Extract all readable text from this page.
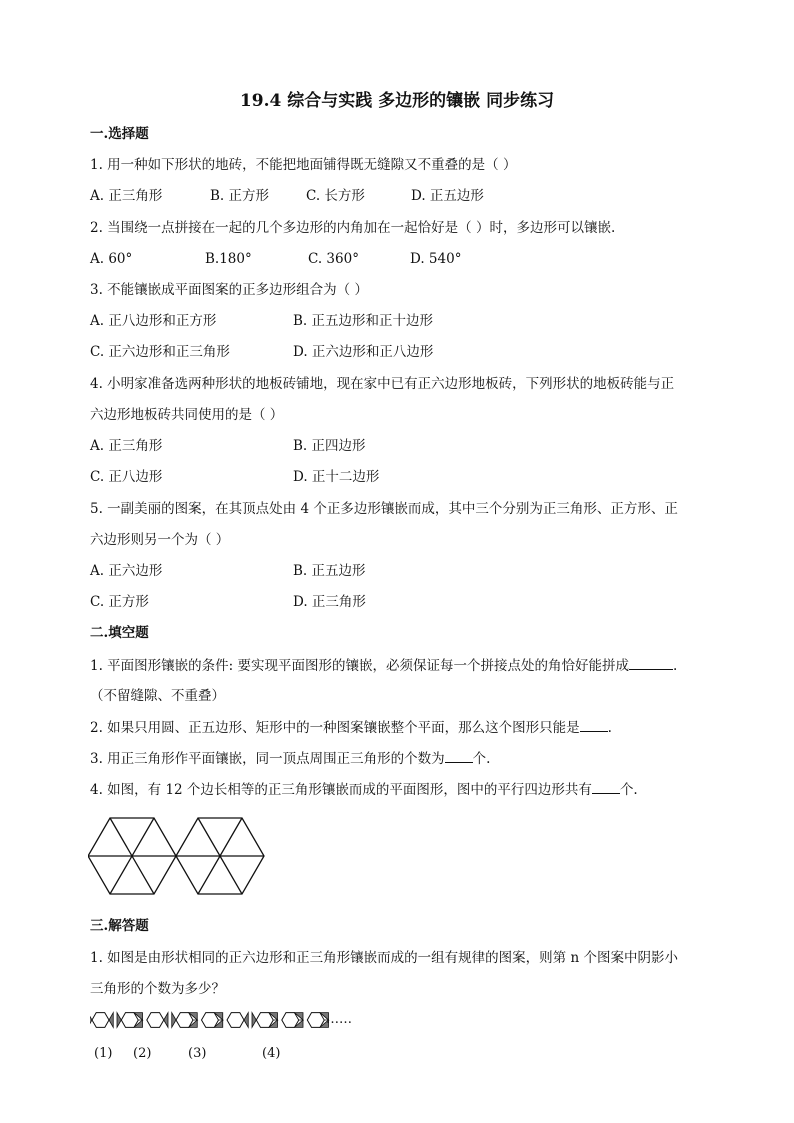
19.4 综合与实践 多边形的镶嵌 同步练习
一.选择题
1. 用一种如下形状的地砖，不能把地面铺得既无缝隙又不重叠的是（ ）
A. 正三角形	B. 正方形	C. 长方形	D. 正五边形
2. 当围绕一点拼接在一起的几个多边形的内角加在一起恰好是（ ）时，多边形可以镶嵌.
A. 60°	B.180°	C. 360°	D. 540°
3. 不能镶嵌成平面图案的正多边形组合为（ ）
A. 正八边形和正方形	B. 正五边形和正十边形
C. 正六边形和正三角形	D. 正六边形和正八边形
4. 小明家准备选两种形状的地板砖铺地，现在家中已有正六边形地板砖，下列形状的地板砖能与正
六边形地板砖共同使用的是（ ）
A. 正三角形	B. 正四边形
C. 正八边形	D. 正十二边形
5. 一副美丽的图案，在其顶点处由 4 个正多边形镶嵌而成，其中三个分别为正三角形、正方形、正
六边形则另一个为（ ）
A. 正六边形	B. 正五边形
C. 正方形	D. 正三角形
二.填空题
1. 平面图形镶嵌的条件: 要实现平面图形的镶嵌，必须保证每一个拼接点处的角恰好能拼成	.
（不留缝隙、不重叠）
2. 如果只用圆、正五边形、矩形中的一种图案镶嵌整个平面，那么这个图形只能是 .
3. 用正三角形作平面镶嵌，同一顶点周围正三角形的个数为 个.
4. 如图，有 12 个边长相等的正三角形镶嵌而成的平面图形，图中的平行四边形共有 个.
三.解答题
1. 如图是由形状相同的正六边形和正三角形镶嵌而成的一组有规律的图案，则第 n 个图案中阴影小
三角形的个数为多少？
……
(1) (2)	(3)	(4)
